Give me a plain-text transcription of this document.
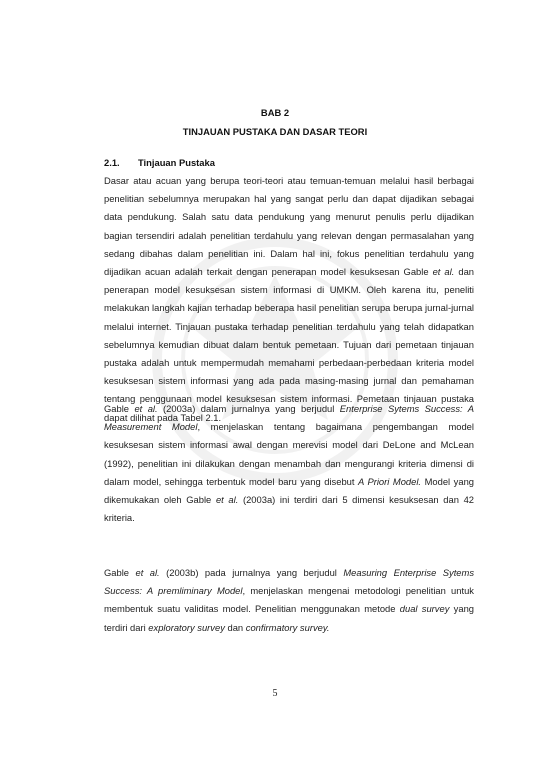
BAB 2
TINJAUAN PUSTAKA DAN DASAR TEORI
2.1. Tinjauan Pustaka

Dasar atau acuan yang berupa teori-teori atau temuan-temuan melalui hasil berbagai penelitian sebelumnya merupakan hal yang sangat perlu dan dapat dijadikan sebagai data pendukung. Salah satu data pendukung yang menurut penulis perlu dijadikan bagian tersendiri adalah penelitian terdahulu yang relevan dengan permasalahan yang sedang dibahas dalam penelitian ini. Dalam hal ini, fokus penelitian terdahulu yang dijadikan acuan adalah terkait dengan penerapan model kesuksesan Gable et al. dan penerapan model kesuksesan sistem informasi di UMKM. Oleh karena itu, peneliti melakukan langkah kajian terhadap beberapa hasil penelitian serupa berupa jurnal-jurnal melalui internet. Tinjauan pustaka terhadap penelitian terdahulu yang telah didapatkan sebelumnya kemudian dibuat dalam bentuk pemetaan. Tujuan dari pemetaan tinjauan pustaka adalah untuk mempermudah memahami perbedaan-perbedaan kriteria model kesuksesan sistem informasi yang ada pada masing-masing jurnal dan pemahaman tentang penggunaan model kesuksesan sistem informasi. Pemetaan tinjauan pustaka dapat dilihat pada Tabel 2.1.

Gable et al. (2003a) dalam jurnalnya yang berjudul Enterprise Sytems Success: A Measurement Model, menjelaskan tentang bagaimana pengembangan model kesuksesan sistem informasi awal dengan merevisi model dari DeLone and McLean (1992), penelitian ini dilakukan dengan menambah dan mengurangi kriteria dimensi di dalam model, sehingga terbentuk model baru yang disebut A Priori Model. Model yang dikemukakan oleh Gable et al. (2003a) ini terdiri dari 5 dimensi kesuksesan dan 42 kriteria.

Gable et al. (2003b) pada jurnalnya yang berjudul Measuring Enterprise Sytems Success: A premliminary Model, menjelaskan mengenai metodologi penelitian untuk membentuk suatu validitas model. Penelitian menggunakan metode dual survey yang terdiri dari exploratory survey dan confirmatory survey.

5
